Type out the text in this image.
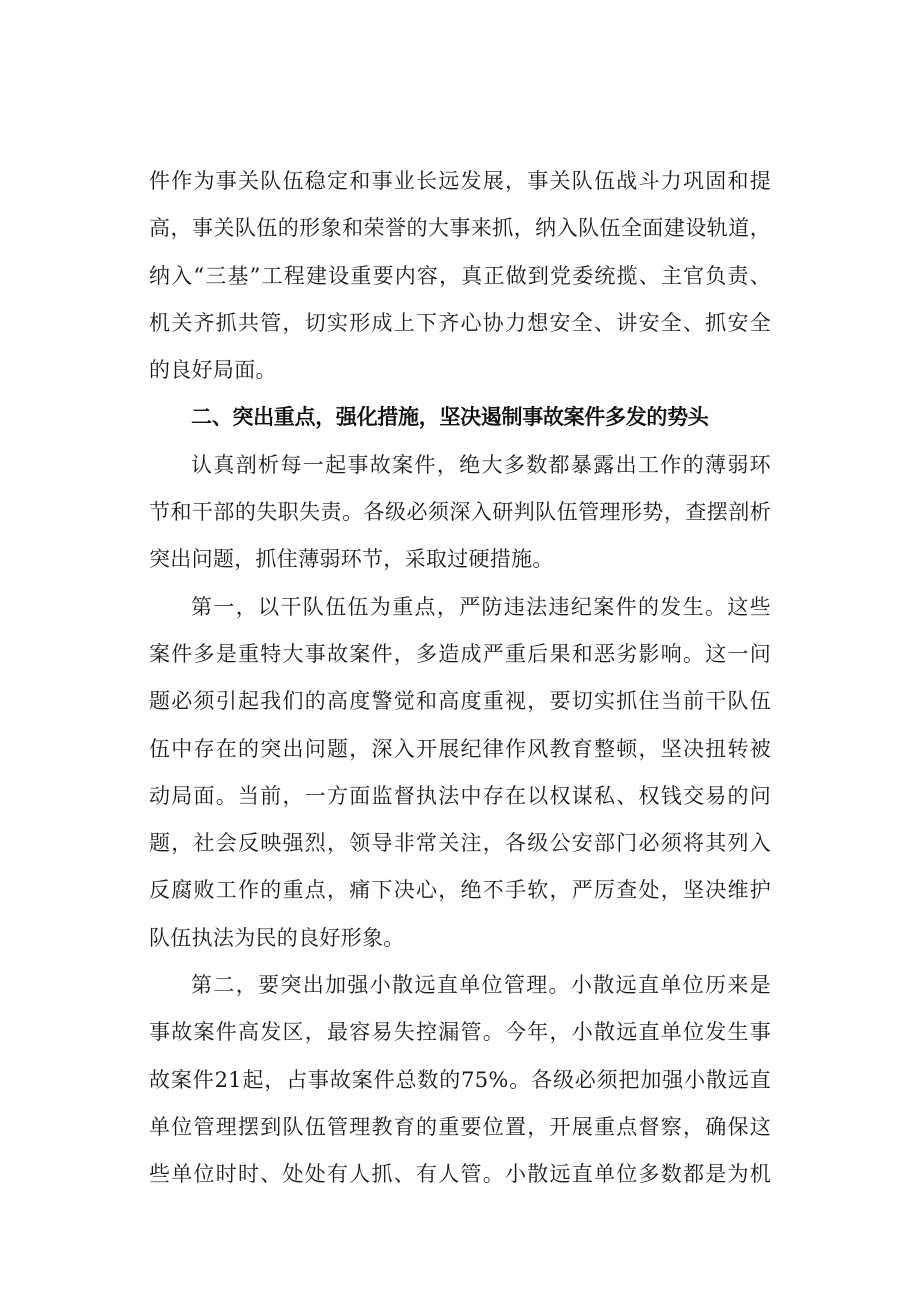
件作为事关队伍稳定和事业长远发展，事关队伍战斗力巩固和提
高，事关队伍的形象和荣誉的大事来抓，纳入队伍全面建设轨道，
纳入“三基”工程建设重要内容，真正做到党委统揽、主官负责、
机关齐抓共管，切实形成上下齐心协力想安全、讲安全、抓安全
的良好局面。
二、突出重点，强化措施，坚决遏制事故案件多发的势头
认真剖析每一起事故案件，绝大多数都暴露出工作的薄弱环
节和干部的失职失责。各级必须深入研判队伍管理形势，查摆剖析
突出问题，抓住薄弱环节，采取过硬措施。
第一，以干队伍伍为重点，严防违法违纪案件的发生。这些
案件多是重特大事故案件，多造成严重后果和恶劣影响。这一问
题必须引起我们的高度警觉和高度重视，要切实抓住当前干队伍
伍中存在的突出问题，深入开展纪律作风教育整顿，坚决扭转被
动局面。当前，一方面监督执法中存在以权谋私、权钱交易的问
题，社会反映强烈，领导非常关注，各级公安部门必须将其列入
反腐败工作的重点，痛下决心，绝不手软，严厉查处，坚决维护
队伍执法为民的良好形象。
第二，要突出加强小散远直单位管理。小散远直单位历来是
事故案件高发区，最容易失控漏管。今年，小散远直单位发生事
故案件21起，占事故案件总数的75%。各级必须把加强小散远直
单位管理摆到队伍管理教育的重要位置，开展重点督察，确保这
些单位时时、处处有人抓、有人管。小散远直单位多数都是为机
